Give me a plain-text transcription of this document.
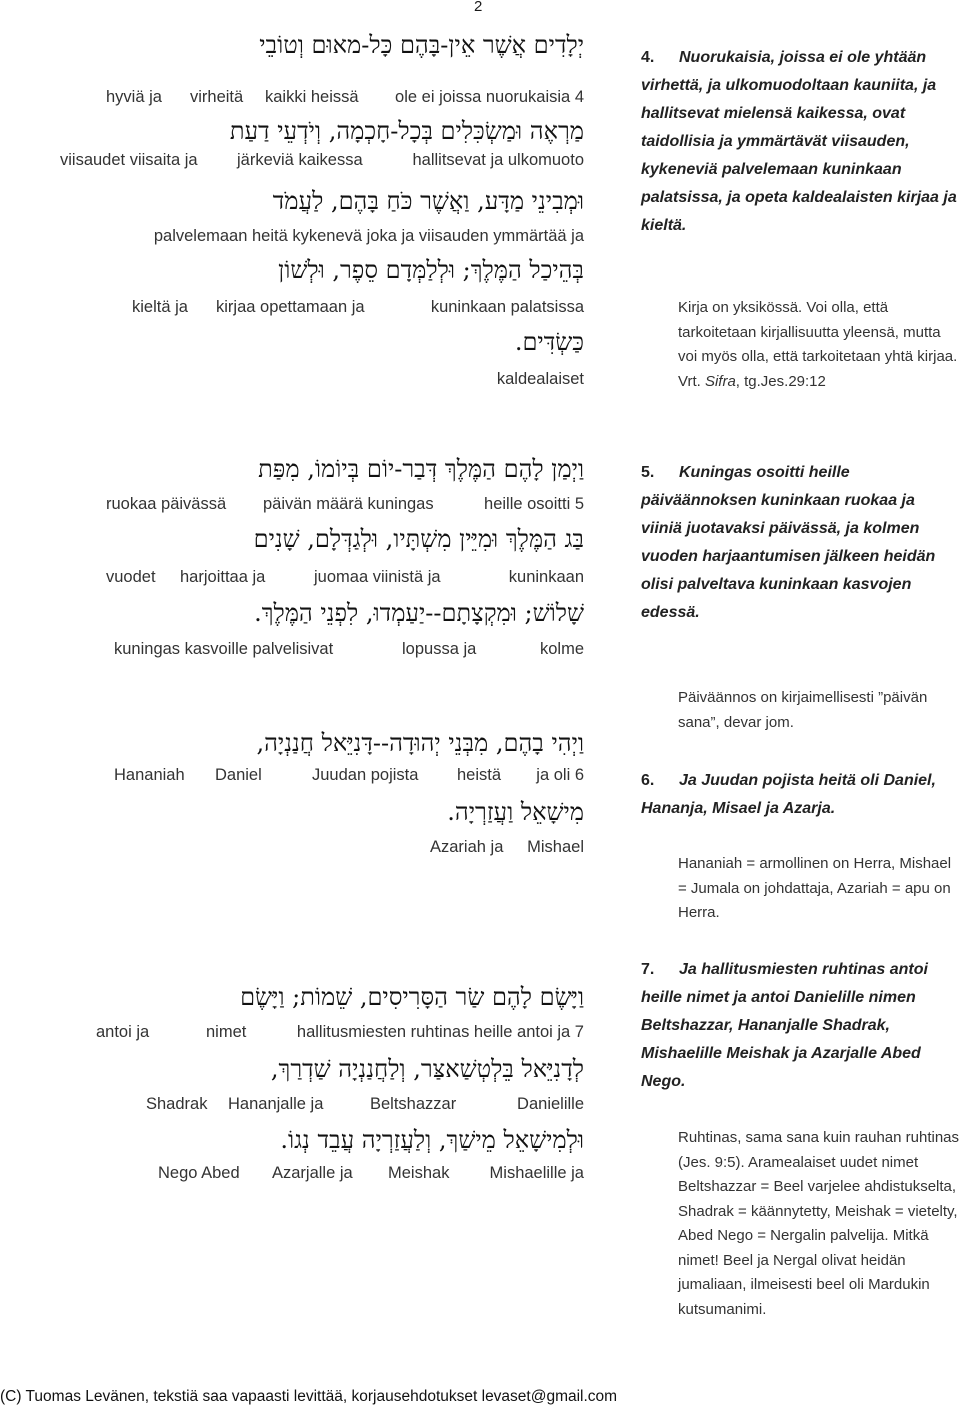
2
יְלָדִים אֲשֶׁר אֵין-בָּהֶם כָּל-מאוּם וְטוֹבֵי
hyviä ja virheitä kaikki heissä ole ei joissa nuorukaisia 4
מַרְאֶה וּמַשְׂכִּלִים בְּכָל-חָכְמָה, וְיֹדְעֵי דַעַת
viisaudet viisaita ja järkeviä kaikessa	hallitsevat ja ulkomuoto
וּמְבִינֵי מַדָּע, וַאֲשֶׁר כֹּחַ בָּהֶם, לַעֲמֹד
palvelemaan heitä kykenevä joka ja viisauden ymmärtää ja
בְּהֵיכַל הַמֶּלֶךְ; וּלְלַמְּדָם סֵפֶר, וּלְשׁוֹן
kieltä ja kirjaa opettamaan ja	kuninkaan palatsissa
כַּשְׂדִּים.
kaldealaiset
4. Nuorukaisia, joissa ei ole yhtään virhettä, ja ulkomuodoltaan kauniita, ja hallitsevat mielensä kaikessa, ovat taidollisia ja ymmärtävät viisauden, kykeneviä palvelemaan kuninkaan palatsissa, ja opeta kaldealaisten kirjaa ja kieltä.
Kirja on yksikössä. Voi olla, että tarkoitetaan kirjallisuutta yleensä, mutta voi myös olla, että tarkoitetaan yhtä kirjaa. Vrt. Sifra, tg.Jes.29:12
וַיְמַן לָהֶם הַמֶּלֶךְ דְּבַר-יוֹם בְּיוֹמוֹ, מִפַּת
ruokaa päivässä päivän määrä kuningas	heille osoitti 5
בַּג הַמֶּלֶךְ וּמִיֵּין מִשְׁתָּיו, וּלְגַדְּלָם, שָׁנִים
vuodet harjoittaa ja	juomaa viinistä ja	kuninkaan
שָׁלוֹשׁ; וּמִקְצָתָם--יַעַמְדוּ, לִפְנֵי הַמֶּלֶךְ.
kuningas kasvoille palvelisivat	lopussa ja	kolme
5. Kuningas osoitti heille päiväännoksen kuninkaan ruokaa ja viiniä juotavaksi päivässä, ja kolmen vuoden harjaantumisen jälkeen heidän olisi palveltava kuninkaan kasvojen edessä.
Päiväännos on kirjaimellisesti ”päivän sana”, devar jom.
וַיְהִי בָהֶם, מִבְּנֵי יְהוּדָה--דָּנִיֵּאל חֲנַנְיָה,
Hananiah Daniel	Juudan pojista heistä ja oli 6
מִישָׁאֵל וַעֲזַרְיָה.
Azariah ja Mishael
6. Ja Juudan pojista heitä oli Daniel, Hananja, Misael ja Azarja.
Hananiah = armollinen on Herra, Mishael = Jumala on johdattaja, Azariah = apu on Herra.
וַיָּשֶׂם לָהֶם שַׂר הַסָּרִיסִים, שֵׁמוֹת; וַיָּשֶׂם
antoi ja	nimet	hallitusmiesten ruhtinas heille antoi ja 7
לְדָנִיֵּאל בֵּלְטְשַׁאצַּר, וְלַחֲנַנְיָה שַׁדְרַךְ,
Shadrak Hananjalle ja	Beltshazzar	Danielille
וּלְמִישָׁאֵל מֵישַׁךְ, וְלַעֲזַרְיָה עֲבֵד נְגוֹ.
Nego Abed Azarjalle ja Meishak Mishaelille ja
7. Ja hallitusmiesten ruhtinas antoi heille nimet ja antoi Danielille nimen Beltshazzar, Hananjalle Shadrak, Mishaelille Meishak ja Azarjalle Abed Nego.
Ruhtinas, sama sana kuin rauhan ruhtinas (Jes. 9:5). Aramealaiset uudet nimet Beltshazzar = Beel varjelee ahdistukselta, Shadrak = käännytetty, Meishak = vietelty, Abed Nego = Nergalin palvelija. Mitkä nimet! Beel ja Nergal olivat heidän jumaliaan, ilmeisesti beel oli Mardukin kutsumanimi.
(C) Tuomas Levänen, tekstiä saa vapaasti levittää, korjausehdotukset levaset@gmail.com
